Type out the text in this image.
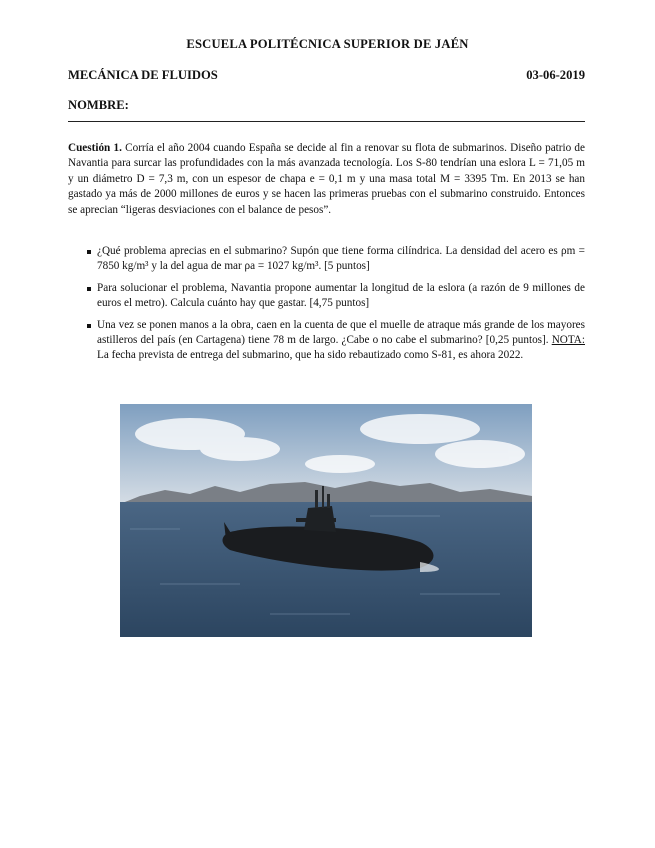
ESCUELA POLITÉCNICA SUPERIOR DE JAÉN
MECÁNICA DE FLUIDOS	03-06-2019
NOMBRE:
Cuestión 1. Corría el año 2004 cuando España se decide al fin a renovar su flota de submarinos. Diseño patrio de Navantia para surcar las profundidades con la más avanzada tecnología. Los S-80 tendrían una eslora L = 71,05 m y un diámetro D = 7,3 m, con un espesor de chapa e = 0,1 m y una masa total M = 3395 Tm. En 2013 se han gastado ya más de 2000 millones de euros y se hacen las primeras pruebas con el submarino construido. Entonces se aprecian “ligeras desviaciones con el balance de pesos”.
¿Qué problema aprecias en el submarino? Supón que tiene forma cilíndrica. La densidad del acero es ρm = 7850 kg/m³ y la del agua de mar ρa = 1027 kg/m³. [5 puntos]
Para solucionar el problema, Navantia propone aumentar la longitud de la eslora (a razón de 9 millones de euros el metro). Calcula cuánto hay que gastar. [4,75 puntos]
Una vez se ponen manos a la obra, caen en la cuenta de que el muelle de atraque más grande de los mayores astilleros del país (en Cartagena) tiene 78 m de largo. ¿Cabe o no cabe el submarino? [0,25 puntos]. NOTA: La fecha prevista de entrega del submarino, que ha sido rebautizado como S-81, es ahora 2022.
